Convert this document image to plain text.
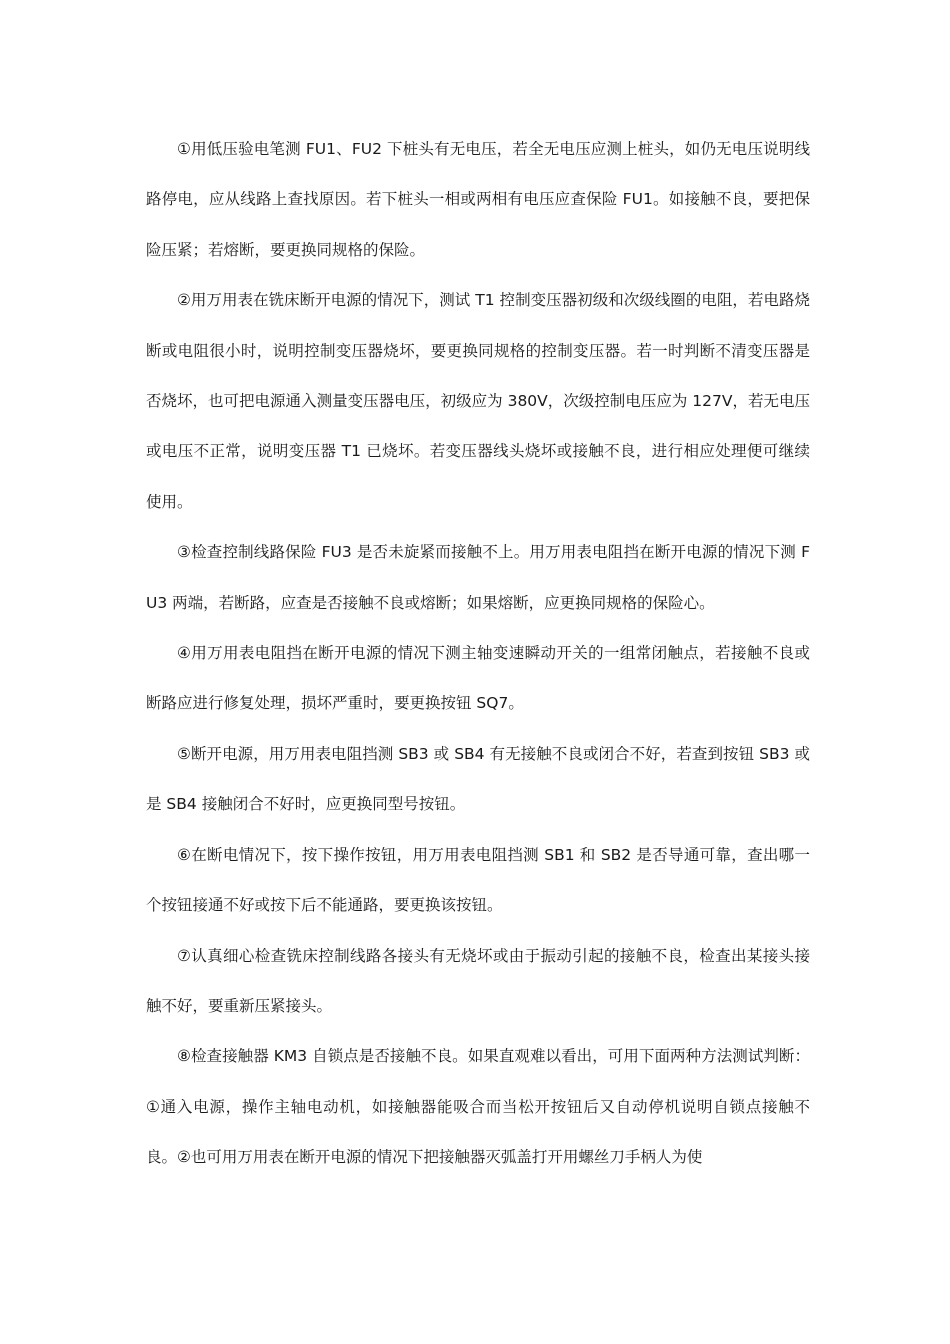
①用低压验电笔测 FU1、FU2 下桩头有无电压，若全无电压应测上桩头，如仍无电压说明线路停电，应从线路上查找原因。若下桩头一相或两相有电压应查保险 FU1。如接触不良，要把保险压紧；若熔断，要更换同规格的保险。

②用万用表在铣床断开电源的情况下，测试 T1 控制变压器初级和次级线圈的电阻，若电路烧断或电阻很小时，说明控制变压器烧坏，要更换同规格的控制变压器。若一时判断不清变压器是否烧坏，也可把电源通入测量变压器电压，初级应为 380V，次级控制电压应为 127V，若无电压或电压不正常，说明变压器 T1 已烧坏。若变压器线头烧坏或接触不良，进行相应处理便可继续使用。

③检查控制线路保险 FU3 是否未旋紧而接触不上。用万用表电阻挡在断开电源的情况下测 FU3 两端，若断路，应查是否接触不良或熔断；如果熔断，应更换同规格的保险心。

④用万用表电阻挡在断开电源的情况下测主轴变速瞬动开关的一组常闭触点，若接触不良或断路应进行修复处理，损坏严重时，要更换按钮 SQ7。

⑤断开电源，用万用表电阻挡测 SB3 或 SB4 有无接触不良或闭合不好，若查到按钮 SB3 或是 SB4 接触闭合不好时，应更换同型号按钮。

⑥在断电情况下，按下操作按钮，用万用表电阻挡测 SB1 和 SB2 是否导通可靠，查出哪一个按钮接通不好或按下后不能通路，要更换该按钮。

⑦认真细心检查铣床控制线路各接头有无烧坏或由于振动引起的接触不良，检查出某接头接触不好，要重新压紧接头。

⑧检查接触器 KM3 自锁点是否接触不良。如果直观难以看出，可用下面两种方法测试判断：①通入电源，操作主轴电动机，如接触器能吸合而当松开按钮后又自动停机说明自锁点接触不良。②也可用万用表在断开电源的情况下把接触器灭弧盖打开用螺丝刀手柄人为使
